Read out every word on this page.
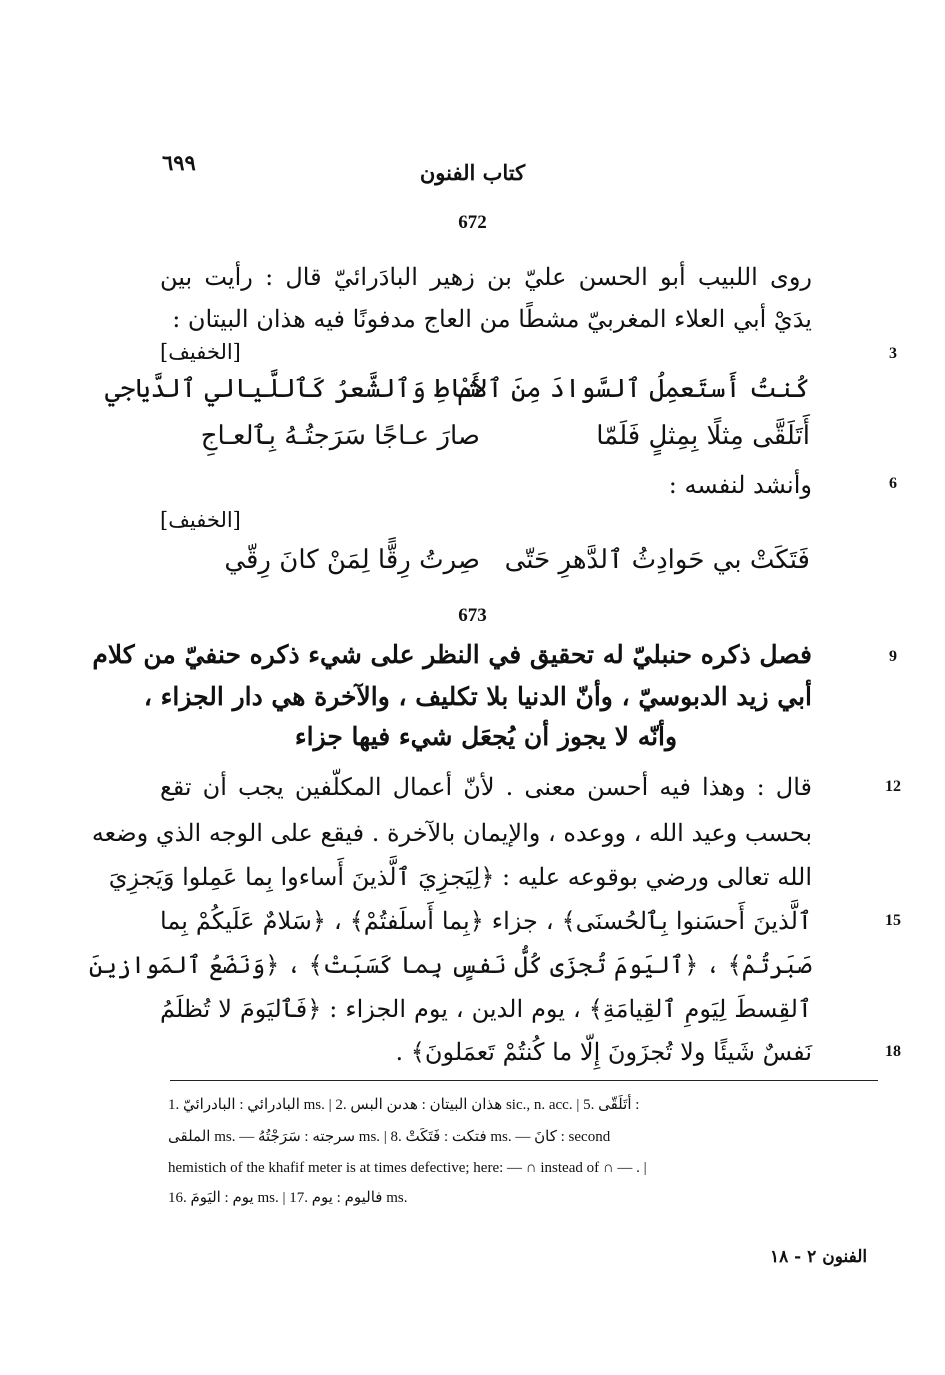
٦٩٩	كتاب الفنون
672
روى اللبيب أبو الحسن عليّ بن زهير البادَرائيّ قال : رأيت بين
يدَيْ أبي العلاء المغربيّ مشطًا من العاج مدفونًا فيه هذان البيتان :
3
[الخفيف]
كُنتُ أَستَعمِلُ ٱلسَّوادَ مِنَ ٱلأَمْ
شاطِ وَٱلشَّعرُ كَٱللَّيالي ٱلدَّياجي
أَتَلَقَّى مِثلًا بِمِثلٍ فَلَمّا
صارَ عـاجًا سَرَجتُـهُ بِٱلعـاجِ
6
وأنشد لنفسه :
[الخفيف]
فَتَكَتْ بي حَوادِثُ ٱلدَّهرِ حَتّى
صِرتُ رِقًّا لِمَنْ كانَ رِقّي
673
9
فصل ذكره حنبليّ له تحقيق في النظر على شيء ذكره حنفيّ من كلام
أبي زيد الدبوسيّ ، وأنّ الدنيا بلا تكليف ، والآخرة هي دار الجزاء ،
وأنّه لا يجوز أن يُجعَل شيء فيها جزاء
12
قال : وهذا فيه أحسن معنى . لأنّ أعمال المكلّفين يجب أن تقع
بحسب وعيد الله ، ووعده ، والإيمان بالآخرة . فيقع على الوجه الذي وضعه
الله تعالى ورضي بوقوعه عليه : ﴿لِيَجزِيَ ٱلَّذينَ أَساءوا بِما عَمِلوا وَيَجزِيَ
15
ٱلَّذينَ أَحسَنوا بِٱلحُسنَى﴾ ، جزاء ﴿بِما أَسلَفتُمْ﴾ ، ﴿سَلامٌ عَلَيكُمْ بِما
صَبَرتُمْ﴾ ، ﴿ٱليَومَ تُجزَى كُلُّ نَفسٍ بِما كَسَبَتْ﴾ ، ﴿وَنَضَعُ ٱلمَوازينَ
ٱلقِسطَ لِيَومِ ٱلقِيامَةِ﴾ ، يوم الدين ، يوم الجزاء : ﴿فَٱليَومَ لا تُظلَمُ
18
نَفسٌ شَيئًا ولا تُجزَونَ إِلّا ما كُنتُمْ تَعمَلونَ﴾ .
1. البادرائي : البادرائيّ ms. | 2. هذان البيتان : هدىن البس sic., n. acc. | 5. أتَلَقّى :
الملقى ms. — سرجته : سَرَجْتُهُ ms. | 8. فتكت : فَتَكَتْ ms. — كانَ : second
hemistich of the khafif meter is at times defective; here: — ∩ instead of ∩ — . |
16. يوم : اليَومَ ms. | 17. فاليوم : يوم ms.
الفنون ٢ - ١٨
